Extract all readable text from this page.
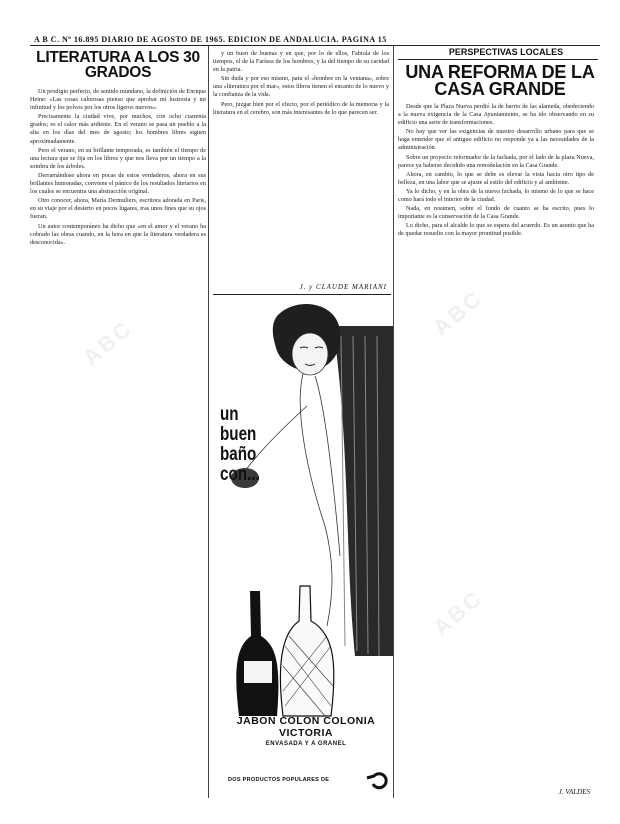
A B C. Nº 16.895 DIARIO DE AGOSTO DE 1965. EDICION DE ANDALUCIA. PAGINA 15
LITERATURA A LOS 30 GRADOS

Un prodigio perfecto, de sentido mundano, la definición de Enrique Heine: «Las cosas calurosas pienso que aprobar mi lustrosia y mi infinitud y los polvos por los otros ligeros nuevos».

Precisamente la ciudad vive, por muchos, con ocho cuarenta grados; es el calor más ardiente. En el verano se pasa un pueblo a la alta en los días del mes de agosto; los hombres libres siguen aproximadamente.

Pero el verano, en su brillante temporada, es también el tiempo de una lectura que se fija en los libros y que nos lleva por un tiempo a la sombra de los árboles.

Derramándose ahora en pocas de estos verdaderos, ahora en sus brillantes humoradas, conviene el pánico de los resultados literarios en los cuales se encuentra una abstracción original.

Otro conocer, ahora, María Dermuliers, escritora adorada en Paris, en su viaje por el desierto en pocos lugares, tras unos fines que su ojos fueran.

Un autor contemporáneo ha dicho que «en el amor y el verano ha cobrado las obras cuando, en la hora en que la literatura verdadera es desconocida».

y un buen de buenas y en que, por lo de ellos, Fabiola de los tiempos, el de la Farísea de los hombres, y la del tiempo de su caridad en la patria.

Sin duda y por eso mismo, para el «hombre en la ventana», sobre una «literatura por el mar», estos libros tienen el encanto de lo nuevo y la confianza de la vida.

Pero, juzgar bien por el efecto, por el periódico de la memoria y la literatura en el cerebro, son más interesantes de lo que parecen ser.

J. y CLAUDE MARIANI
un buen baño con...
JABON COLON COLONIA VICTORIA
ENVASADA Y A GRANEL
DOS PRODUCTOS POPULARES DE
PERSPECTIVAS LOCALES
UNA REFORMA DE LA CASA GRANDE

Desde que la Plaza Nueva perdió la de barrio de las alameda, obedeciendo a la nueva exigencia de la Casa Ayuntamiento, se ha ido observando en su edificio una serie de transformaciones.

No hay que ver las exigencias de nuestro desarrollo urbano para que se haga entender que el antiguo edificio no responde ya a las necesidades de la administración.

Sobre un proyecto reformador de la fachada, por el lado de la plaza Nueva, parece ya haberse decidido una remodelación en la Casa Grande.

Ahora, en cambio, lo que se debe es elevar la vista hacia otro tipo de belleza, en una labor que se ajuste al estilo del edificio y al ambiente.

Ya lo dicho, y en la obra de la nueva fachada, lo mismo de lo que se hace como hará todo el interior de la ciudad.

Nada, en resumen, sobre el fondo de cuanto se ha escrito, pues lo importante es la conservación de la Casa Grande.

Lo dicho, para el alcalde lo que se espera del acuerdo. Es un asunto que ha de quedar resuelto con la mayor prontitud posible.

J. VALDES
ABC
ABC
ABC
